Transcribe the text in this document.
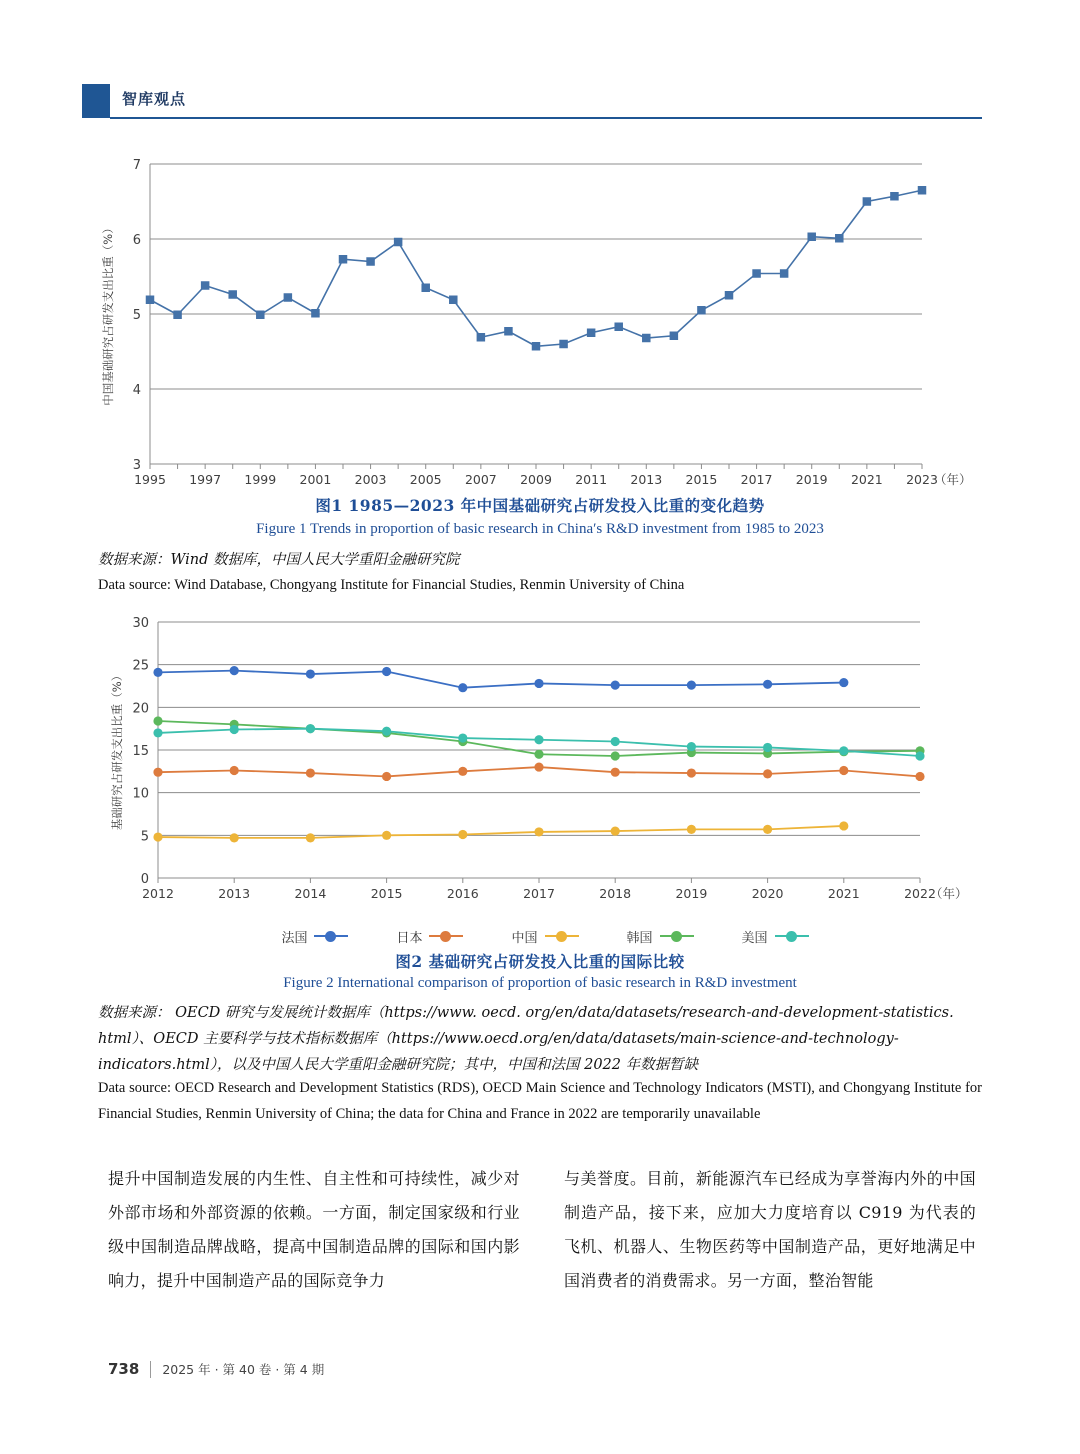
智库观点
3
4
5
6
7
中国基础研究占研发支出比重（%）
1995 1997 1999 2001 2003 2005 2007 2009 2011 2013 2015 2017 2019 2021 2023
（年）
图1 1985—2023 年中国基础研究占研发投入比重的变化趋势
Figure 1 Trends in proportion of basic research in China′s R&D investment from 1985 to 2023
数据来源：Wind 数据库，中国人民大学重阳金融研究院
Data source: Wind Database, Chongyang Institute for Financial Studies, Renmin University of China
0
5
10
15
20
25
30
基础研究占研发支出比重（%）
2012	2013	2014	2015	2016	2017	2018	2019	2020	2021	2022
（年）
法国	日本	中国	韩国	美国
图2 基础研究占研发投入比重的国际比较
Figure 2 International comparison of proportion of basic research in R&D investment
数据来源： OECD 研究与发展统计数据库（https://www. oecd. org/en/data/datasets/research-and-development-statistics. html）、OECD 主要科学与技术指标数据库（https://www.oecd.org/en/data/datasets/main-science-and-technology-indicators.html），以及中国人民大学重阳金融研究院；其中，中国和法国 2022 年数据暂缺
Data source: OECD Research and Development Statistics (RDS), OECD Main Science and Technology Indicators (MSTI), and Chongyang Institute for Financial Studies, Renmin University of China; the data for China and France in 2022 are temporarily unavailable
提升中国制造发展的内生性、自主性和可持续性，减少对外部市场和外部资源的依赖。一方面，制定国家级和行业级中国制造品牌战略，提高中国制造品牌的国际和国内影响力，提升中国制造产品的国际竞争力
与美誉度。目前，新能源汽车已经成为享誉海内外的中国制造产品，接下来，应加大力度培育以 C919 为代表的飞机、机器人、生物医药等中国制造产品，更好地满足中国消费者的消费需求。另一方面，整治智能
738 2025 年 · 第 40 卷 · 第 4 期
